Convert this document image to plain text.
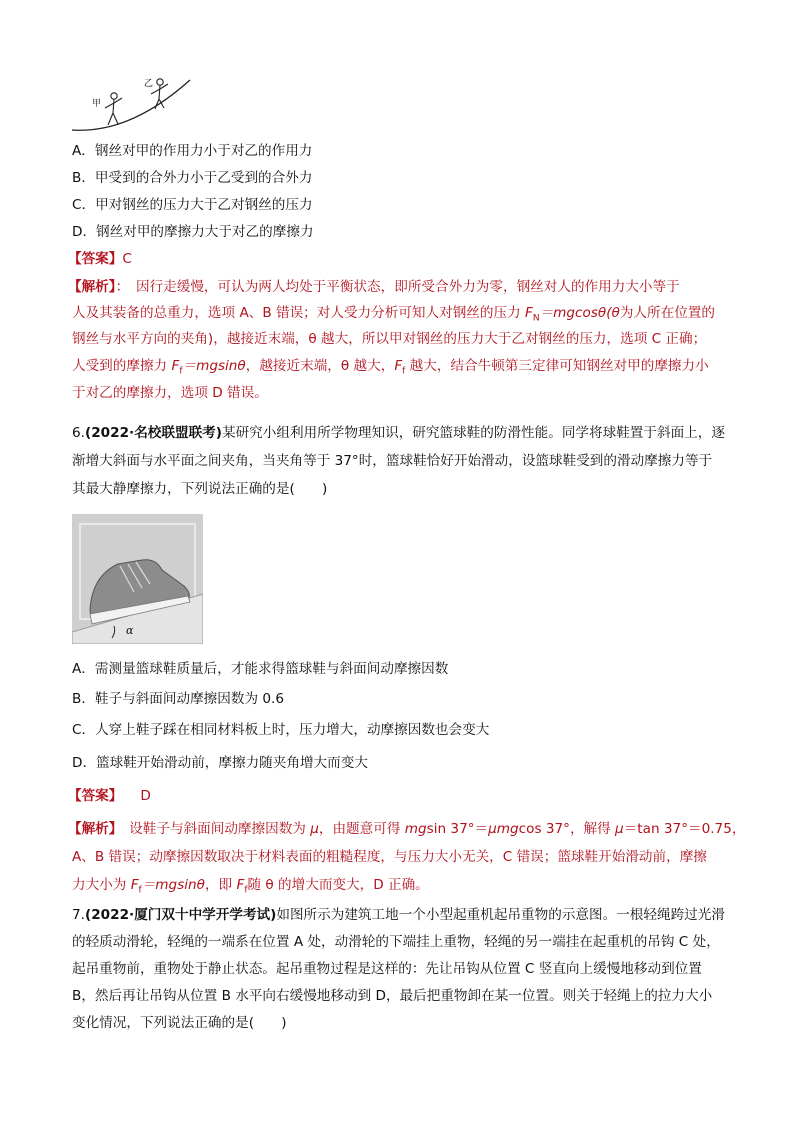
甲
乙
A．钢丝对甲的作用力小于对乙的作用力
B．甲受到的合外力小于乙受到的合外力
C．甲对钢丝的压力大于乙对钢丝的压力
D．钢丝对甲的摩擦力大于对乙的摩擦力
【答案】C
【解析】：　因行走缓慢，可认为两人均处于平衡状态，即所受合外力为零，钢丝对人的作用力大小等于
人及其装备的总重力，选项 A、B 错误；对人受力分析可知人对钢丝的压力 $F_N=mgcos\theta(\theta$为人所在位置的
钢丝与水平方向的夹角)，越接近末端，θ 越大，所以甲对钢丝的压力大于乙对钢丝的压力，选项 C 正确；
人受到的摩擦力 $F_f=mgsin\theta$，越接近末端，θ 越大，$F_f$ 越大，结合牛顿第三定律可知钢丝对甲的摩擦力小
于对乙的摩擦力，选项 D 错误。
6.(2022·名校联盟联考)某研究小组利用所学物理知识，研究篮球鞋的防滑性能。同学将球鞋置于斜面上，逐
渐增大斜面与水平面之间夹角，当夹角等于 37°时，篮球鞋恰好开始滑动，设篮球鞋受到的滑动摩擦力等于
其最大静摩擦力，下列说法正确的是(　　)
α
A．需测量篮球鞋质量后，才能求得篮球鞋与斜面间动摩擦因数
B．鞋子与斜面间动摩擦因数为 0.6
C．人穿上鞋子踩在相同材料板上时，压力增大，动摩擦因数也会变大
D．篮球鞋开始滑动前，摩擦力随夹角增大而变大
【答案】 D
【解析】　设鞋子与斜面间动摩擦因数为 μ，由题意可得 mgsin 37°＝μmgcos 37°，解得 μ＝tan 37°＝0.75，
A、B 错误；动摩擦因数取决于材料表面的粗糙程度，与压力大小无关，C 错误；篮球鞋开始滑动前，摩擦
力大小为 $F_f=mgsin\theta$，即 $F_f$随 θ 的增大而变大，D 正确。
7.(2022·厦门双十中学开学考试)如图所示为建筑工地一个小型起重机起吊重物的示意图。一根轻绳跨过光滑
的轻质动滑轮，轻绳的一端系在位置 A 处，动滑轮的下端挂上重物，轻绳的另一端挂在起重机的吊钩 C 处，
起吊重物前，重物处于静止状态。起吊重物过程是这样的：先让吊钩从位置 C 竖直向上缓慢地移动到位置
B，然后再让吊钩从位置 B 水平向右缓慢地移动到 D，最后把重物卸在某一位置。则关于轻绳上的拉力大小
变化情况，下列说法正确的是(　　)
